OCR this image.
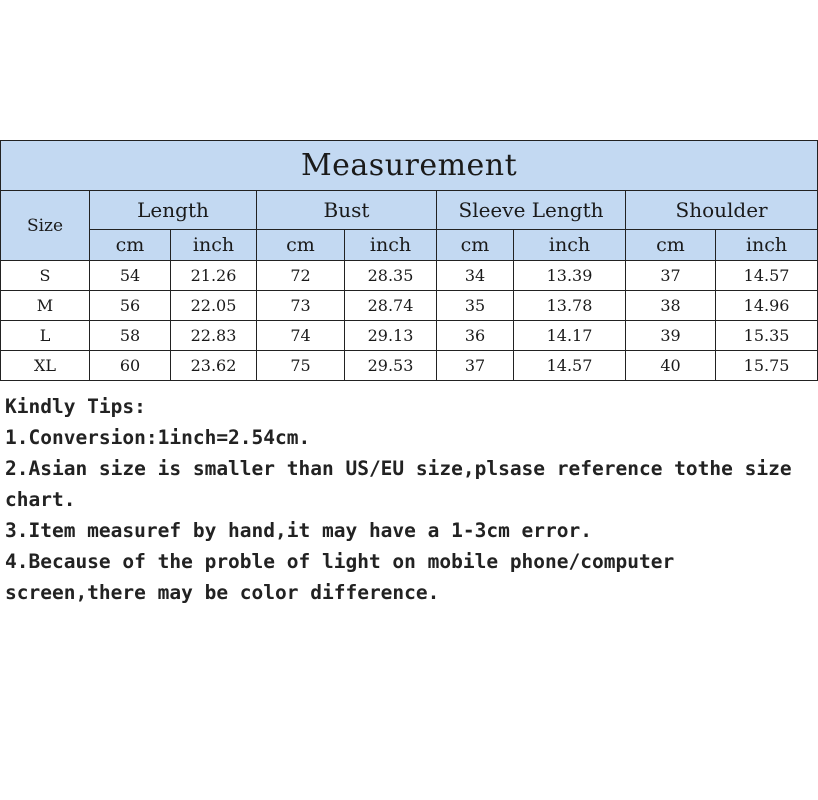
Measurement								
Size	Length		Bust		Sleeve Length		Shoulder	
	cm	inch	cm	inch	cm	inch	cm	inch
S	54	21.26	72	28.35	34	13.39	37	14.57
M	56	22.05	73	28.74	35	13.78	38	14.96
L	58	22.83	74	29.13	36	14.17	39	15.35
XL	60	23.62	75	29.53	37	14.57	40	15.75

Kindly Tips:

1.Conversion:1inch=2.54cm.

2.Asian size is smaller than US/EU size,plsase reference tothe size chart.

3.Item measuref by hand,it may have a 1-3cm error.

4.Because of the proble of light on mobile phone/computer screen,there may be color difference.
